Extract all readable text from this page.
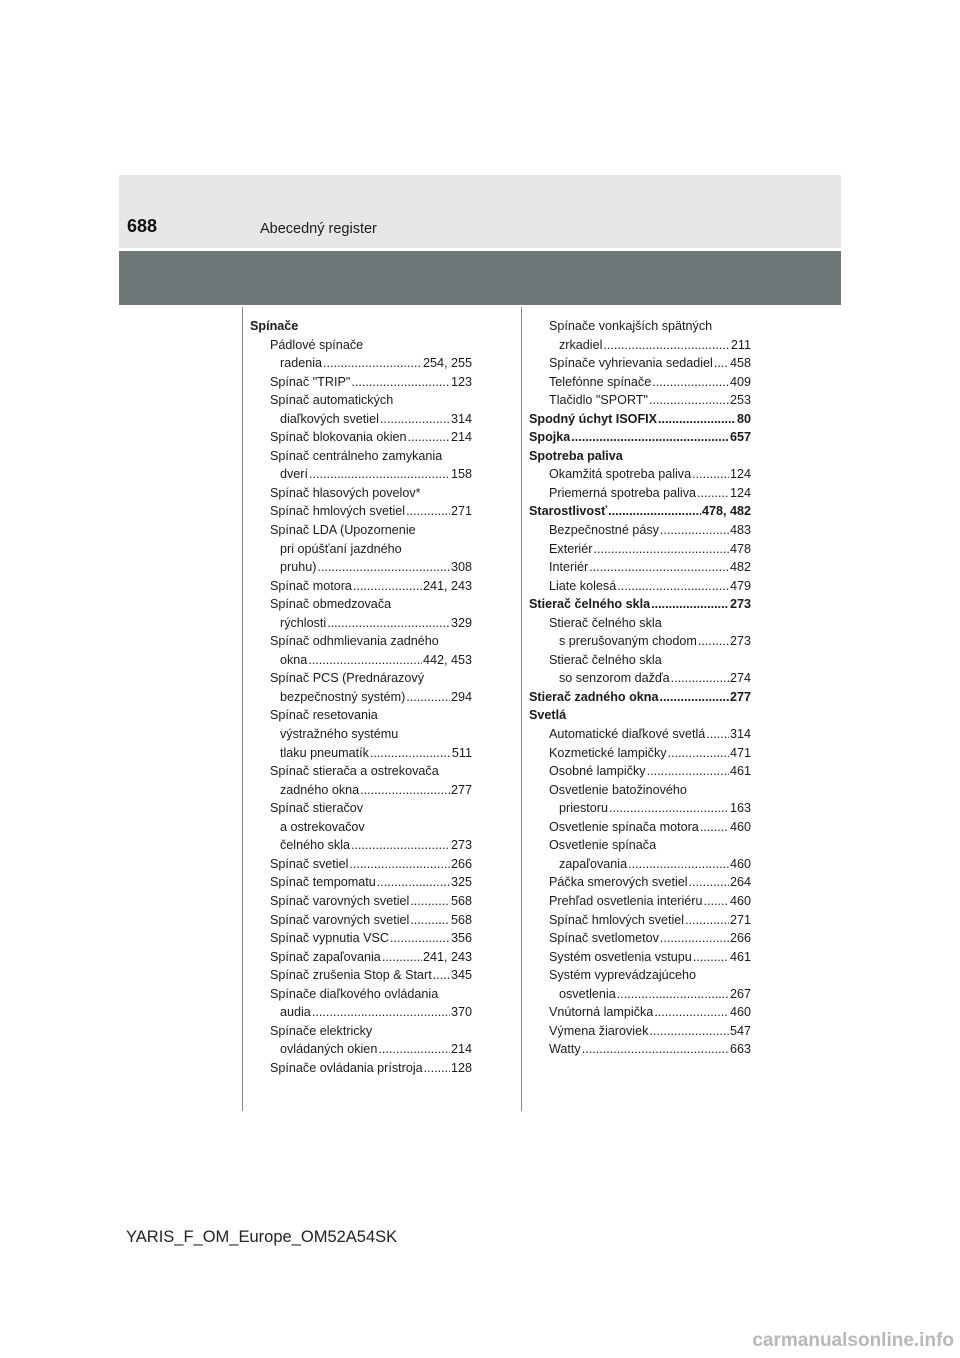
688	Abecedný register
Spínače
Pádlové spínače
radenia .....	254, 255
Spínač "TRIP" .....	123
Spínač automatických
diaľkových svetiel .....	314
Spínač blokovania okien .....	214
Spínač centrálneho zamykania
dverí .....	158
Spínač hlasových povelov*
Spínač hmlových svetiel .....	271
Spínač LDA (Upozornenie
pri opúšťaní jazdného
pruhu) .....	308
Spínač motora .....	241, 243
Spínač obmedzovača
rýchlosti .....	329
Spínač odhmlievania zadného
okna .....	442, 453
Spínač PCS (Prednárazový
bezpečnostný systém) .....	294
Spínač resetovania
výstražného systému
tlaku pneumatík .....	511
Spínač stierača a ostrekovača
zadného okna .....	277
Spínač stieračov
a ostrekovačov
čelného skla .....	273
Spínač svetiel .....	266
Spínač tempomatu .....	325
Spínač varovných svetiel .....	568
Spínač varovných svetiel .....	568
Spínač vypnutia VSC .....	356
Spínač zapaľovania .....	241, 243
Spínač zrušenia Stop & Start ..... 345
Spínače diaľkového ovládania
audia .....	370
Spínače elektricky
ovládaných okien .....	214
Spínače ovládania prístroja ..... 128
Spínače vonkajších spätných
zrkadiel .....	211
Spínače vyhrievania sedadiel ..... 458
Telefónne spínače .....	409
Tlačidlo "SPORT" .....	253
Spodný úchyt ISOFIX .....	80
Spojka .....	657
Spotreba paliva
Okamžitá spotreba paliva .....	124
Priemerná spotreba paliva .....	124
Starostlivosť .....	478, 482
Bezpečnostné pásy .....	483
Exteriér .....	478
Interiér .....	482
Liate kolesá .....	479
Stierač čelného skla .....	273
Stierač čelného skla
s prerušovaným chodom .....	273
Stierač čelného skla
so senzorom dažďa .....	274
Stierač zadného okna .....	277
Svetlá
Automatické diaľkové svetlá ..... 314
Kozmetické lampičky .....	471
Osobné lampičky .....	461
Osvetlenie batožinového
priestoru .....	163
Osvetlenie spínača motora ..... 460
Osvetlenie spínača
zapaľovania .....	460
Páčka smerových svetiel .....	264
Prehľad osvetlenia interiéru ..... 460
Spínač hmlových svetiel .....	271
Spínač svetlometov .....	266
Systém osvetlenia vstupu .....	461
Systém vyprevádzajúceho
osvetlenia .....	267
Vnútorná lampička .....	460
Výmena žiaroviek .....	547
Watty .....	663
YARIS_F_OM_Europe_OM52A54SK
carmanualsonline.info
